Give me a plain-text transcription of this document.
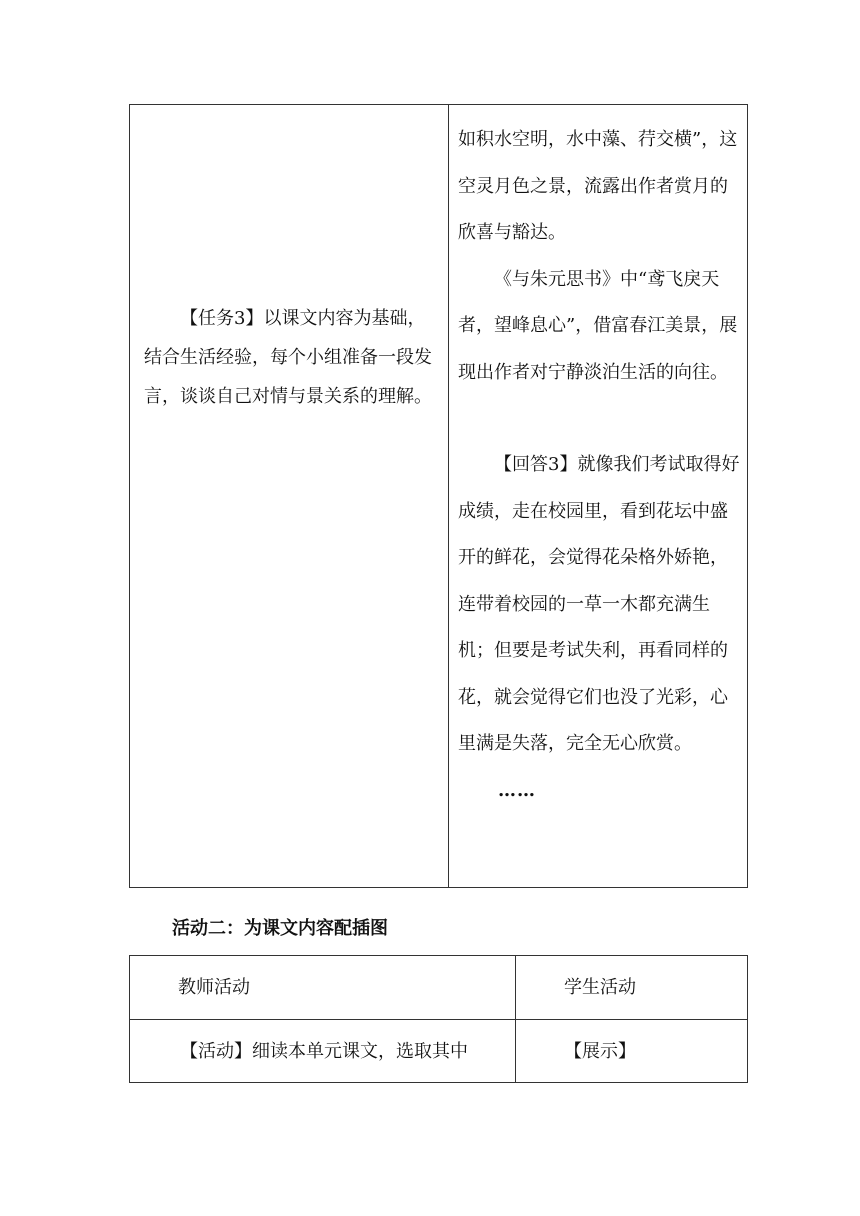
【任务3】以课文内容为基础，结合生活经验，每个小组准备一段发言，谈谈自己对情与景关系的理解。

如积水空明，水中藻、荇交横”，这空灵月色之景，流露出作者赏月的欣喜与豁达。

《与朱元思书》中“鸢飞戾天者，望峰息心”，借富春江美景，展现出作者对宁静淡泊生活的向往。

【回答3】就像我们考试取得好成绩，走在校园里，看到花坛中盛开的鲜花，会觉得花朵格外娇艳，连带着校园的一草一木都充满生机；但要是考试失利，再看同样的花，就会觉得它们也没了光彩，心里满是失落，完全无心欣赏。

……
活动二：为课文内容配插图
教师活动	学生活动
【活动】细读本单元课文，选取其中	【展示】
